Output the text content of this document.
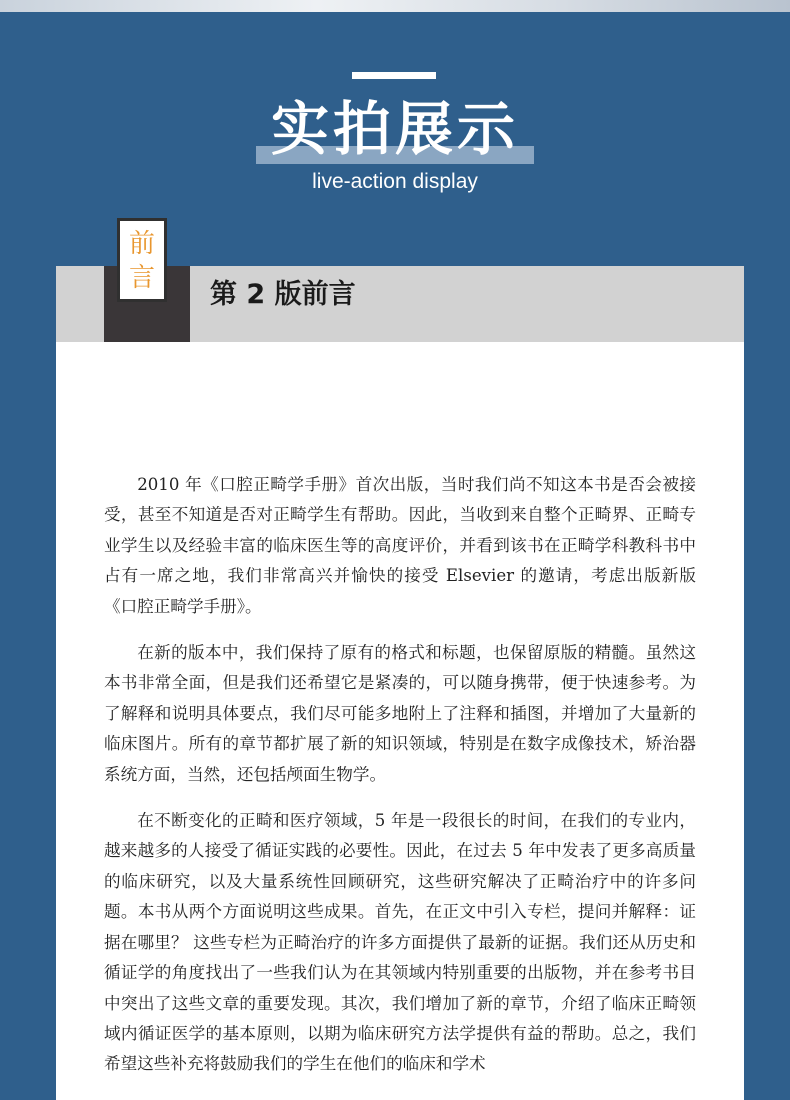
实拍展示
live-action display
第 2 版前言
前
言

2010 年《口腔正畸学手册》首次出版，当时我们尚不知这本书是否会被接受，甚至不知道是否对正畸学生有帮助。因此，当收到来自整个正畸界、正畸专业学生以及经验丰富的临床医生等的高度评价，并看到该书在正畸学科教科书中占有一席之地，我们非常高兴并愉快的接受 Elsevier 的邀请，考虑出版新版《口腔正畸学手册》。

在新的版本中，我们保持了原有的格式和标题，也保留原版的精髓。虽然这本书非常全面，但是我们还希望它是紧凑的，可以随身携带，便于快速参考。为了解释和说明具体要点，我们尽可能多地附上了注释和插图，并增加了大量新的临床图片。所有的章节都扩展了新的知识领域，特别是在数字成像技术，矫治器系统方面，当然，还包括颅面生物学。

在不断变化的正畸和医疗领域，5 年是一段很长的时间，在我们的专业内，越来越多的人接受了循证实践的必要性。因此，在过去 5 年中发表了更多高质量的临床研究，以及大量系统性回顾研究，这些研究解决了正畸治疗中的许多问题。本书从两个方面说明这些成果。首先，在正文中引入专栏，提问并解释：证据在哪里？ 这些专栏为正畸治疗的许多方面提供了最新的证据。我们还从历史和循证学的角度找出了一些我们认为在其领域内特别重要的出版物，并在参考书目中突出了这些文章的重要发现。其次，我们增加了新的章节，介绍了临床正畸领域内循证医学的基本原则，以期为临床研究方法学提供有益的帮助。总之，我们希望这些补充将鼓励我们的学生在他们的临床和学术
